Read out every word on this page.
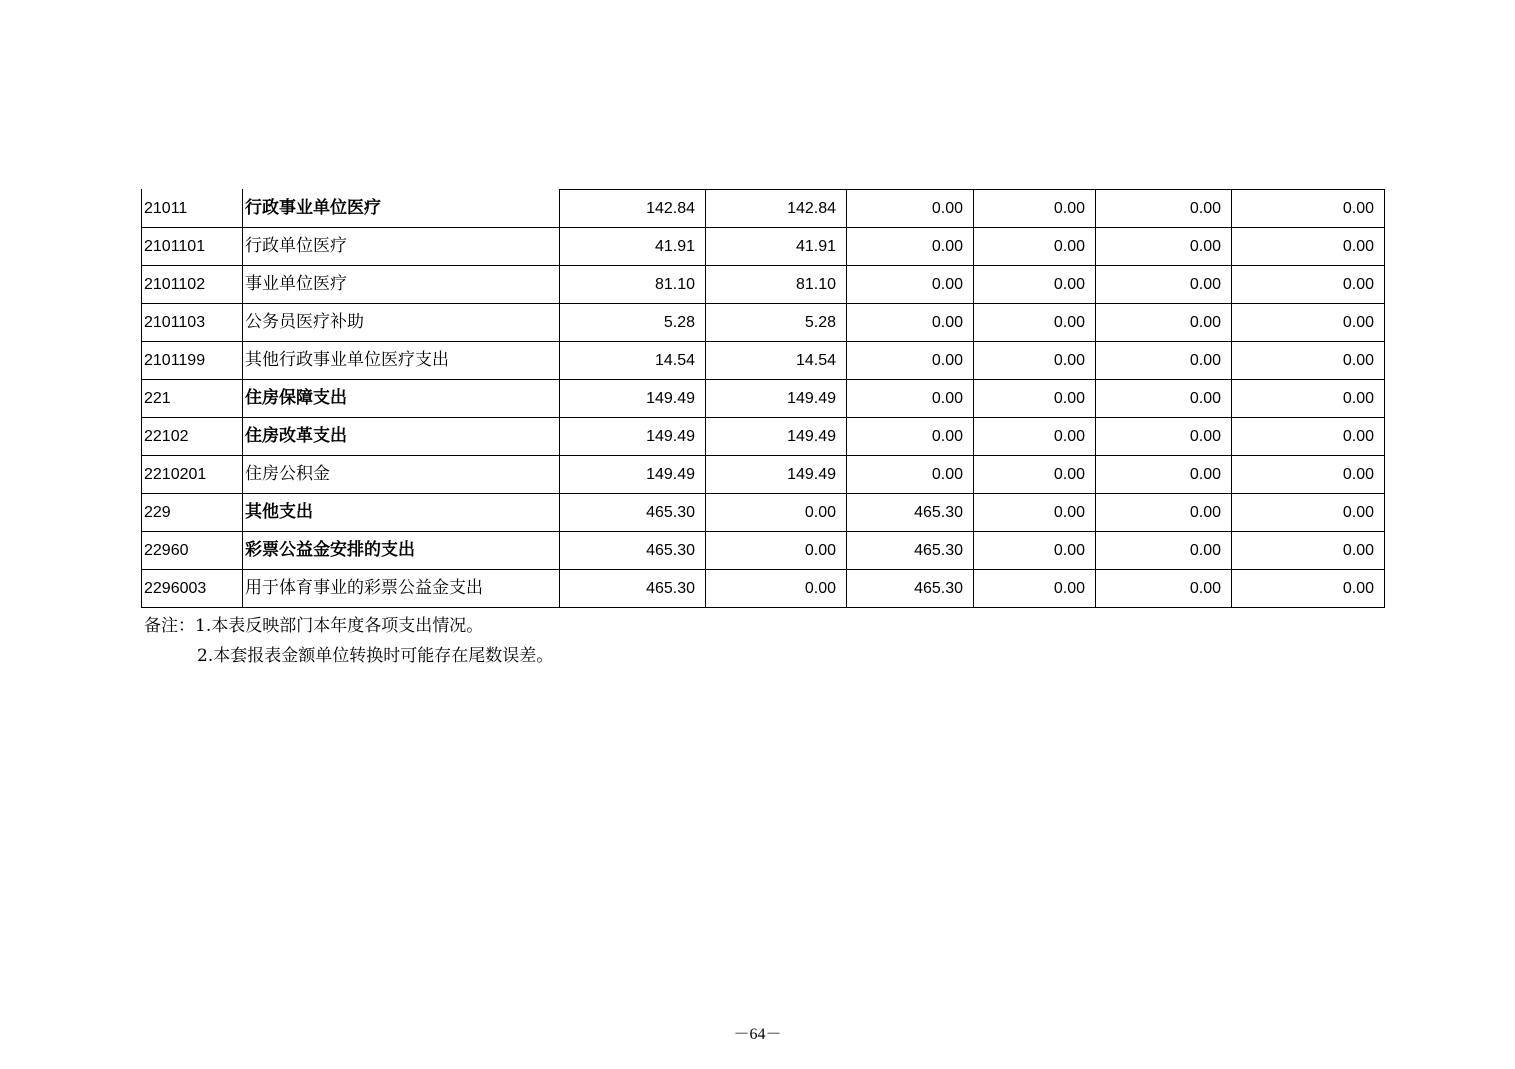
21011	行政事业单位医疗	142.84	142.84	0.00	0.00	0.00	0.00
2101101	行政单位医疗	41.91	41.91	0.00	0.00	0.00	0.00
2101102	事业单位医疗	81.10	81.10	0.00	0.00	0.00	0.00
2101103	公务员医疗补助	5.28	5.28	0.00	0.00	0.00	0.00
2101199	其他行政事业单位医疗支出	14.54	14.54	0.00	0.00	0.00	0.00
221	住房保障支出	149.49	149.49	0.00	0.00	0.00	0.00
22102	住房改革支出	149.49	149.49	0.00	0.00	0.00	0.00
2210201	住房公积金	149.49	149.49	0.00	0.00	0.00	0.00
229	其他支出	465.30	0.00	465.30	0.00	0.00	0.00
22960	彩票公益金安排的支出	465.30	0.00	465.30	0.00	0.00	0.00
2296003	用于体育事业的彩票公益金支出	465.30	0.00	465.30	0.00	0.00	0.00
备注：1.本表反映部门本年度各项支出情况。
2.本套报表金额单位转换时可能存在尾数误差。
－64－
